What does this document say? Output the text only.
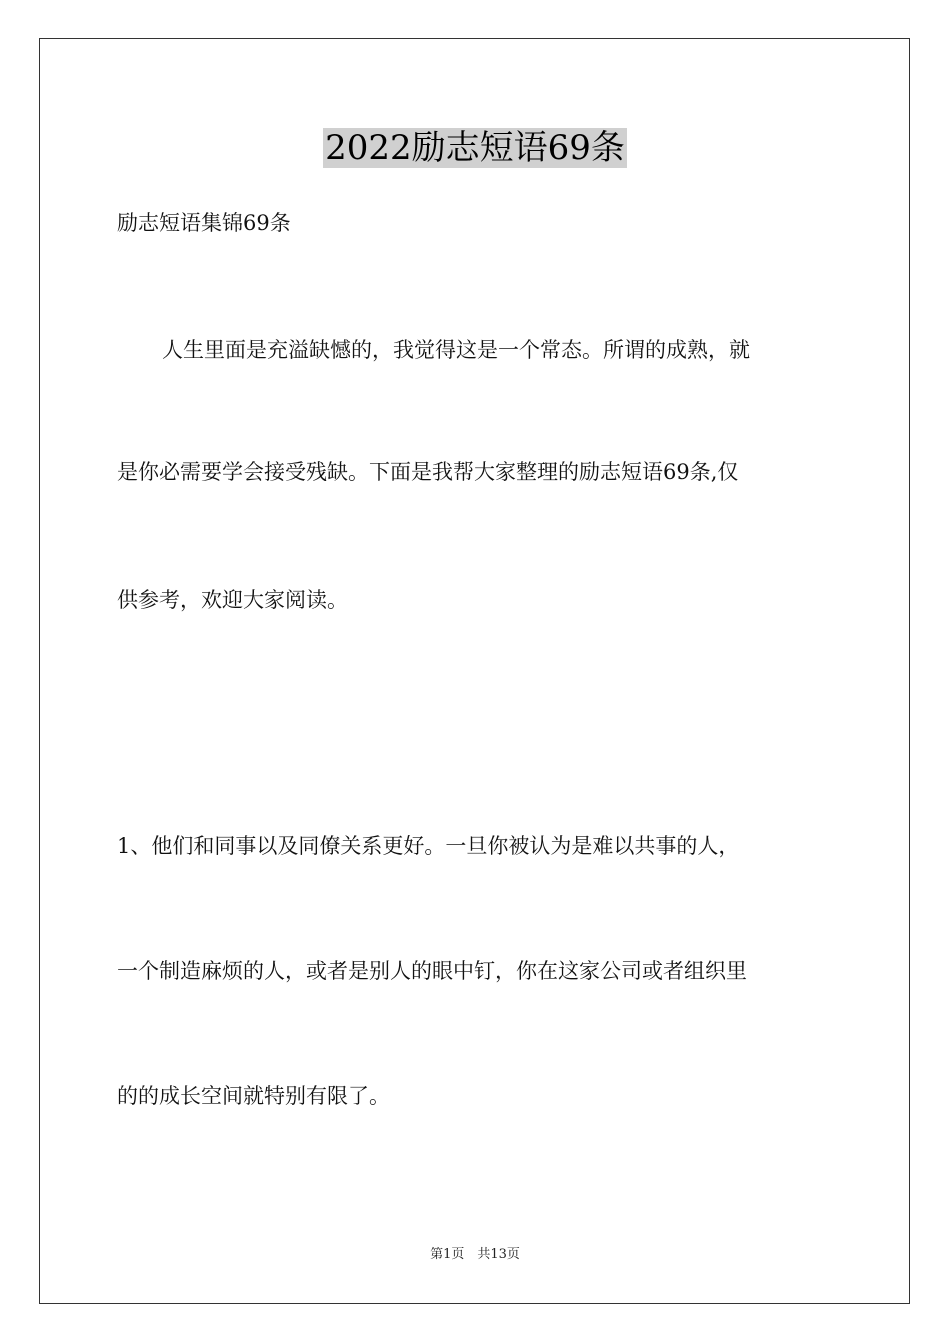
2022励志短语69条
励志短语集锦69条
人生里面是充溢缺憾的，我觉得这是一个常态。所谓的成熟，就
是你必需要学会接受残缺。下面是我帮大家整理的励志短语69条,仅
供参考，欢迎大家阅读。
1、他们和同事以及同僚关系更好。一旦你被认为是难以共事的人，
一个制造麻烦的人，或者是别人的眼中钉，你在这家公司或者组织里
的的成长空间就特别有限了。
第1页　共13页
